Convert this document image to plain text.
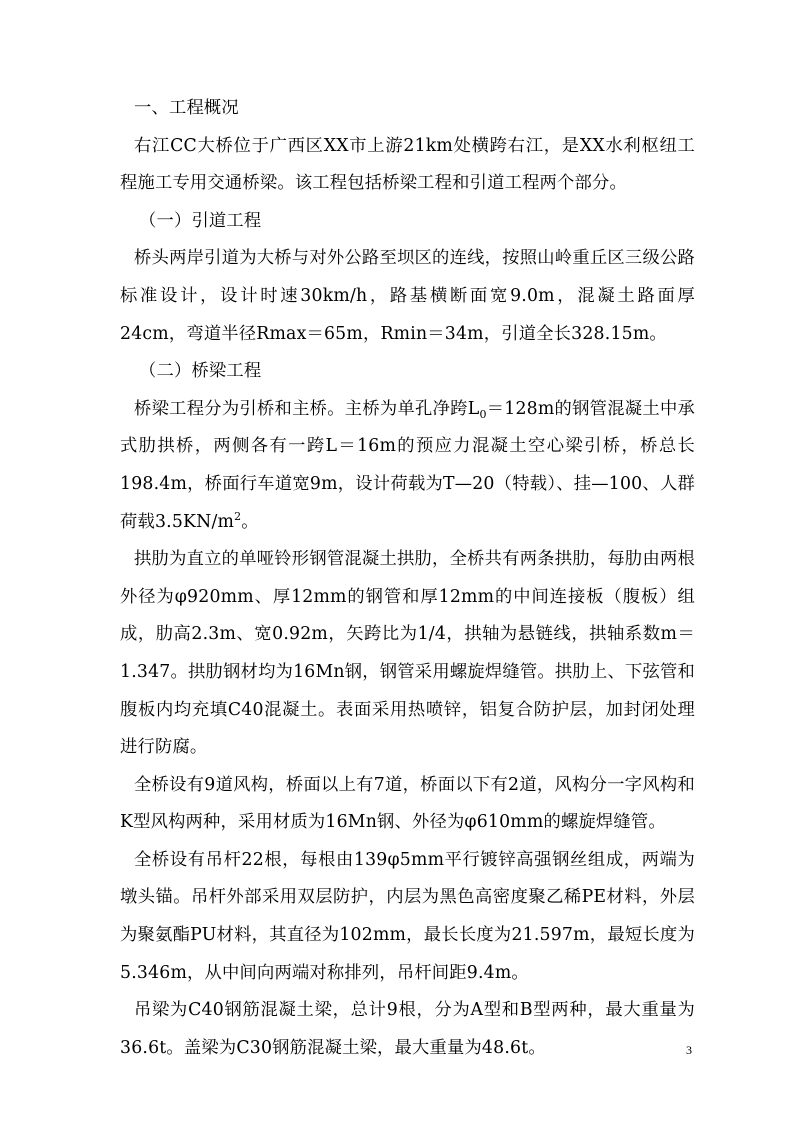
一、工程概况

右江CC大桥位于广西区XX市上游21km处横跨右江，是XX水利枢纽工程施工专用交通桥梁。该工程包括桥梁工程和引道工程两个部分。

（一）引道工程

桥头两岸引道为大桥与对外公路至坝区的连线，按照山岭重丘区三级公路标准设计，设计时速30km/h，路基横断面宽9.0m，混凝土路面厚24cm，弯道半径Rmax＝65m，Rmin＝34m，引道全长328.15m。

（二）桥梁工程

桥梁工程分为引桥和主桥。主桥为单孔净跨$L_0=128m$的钢管混凝土中承式肋拱桥，两侧各有一跨L＝16m的预应力混凝土空心梁引桥，桥总长198.4m，桥面行车道宽9m，设计荷载为T—20（特载）、挂—100、人群荷载$3.5KN/m^2$。

拱肋为直立的单哑铃形钢管混凝土拱肋，全桥共有两条拱肋，每肋由两根外径为φ920mm、厚12mm的钢管和厚12mm的中间连接板（腹板）组成，肋高2.3m、宽0.92m，矢跨比为1/4，拱轴为悬链线，拱轴系数m＝1.347。拱肋钢材均为16Mn钢，钢管采用螺旋焊缝管。拱肋上、下弦管和腹板内均充填C40混凝土。表面采用热喷锌，铝复合防护层，加封闭处理进行防腐。

全桥设有9道风构，桥面以上有7道，桥面以下有2道，风构分一字风构和K型风构两种，采用材质为16Mn钢、外径为φ610mm的螺旋焊缝管。

全桥设有吊杆22根，每根由139φ5mm平行镀锌高强钢丝组成，两端为墩头锚。吊杆外部采用双层防护，内层为黑色高密度聚乙稀PE材料，外层为聚氨酯PU材料，其直径为102mm，最长长度为21.597m，最短长度为5.346m，从中间向两端对称排列，吊杆间距9.4m。

吊梁为C40钢筋混凝土梁，总计9根，分为A型和B型两种，最大重量为36.6t。盖梁为C30钢筋混凝土梁，最大重量为48.6t。	3
